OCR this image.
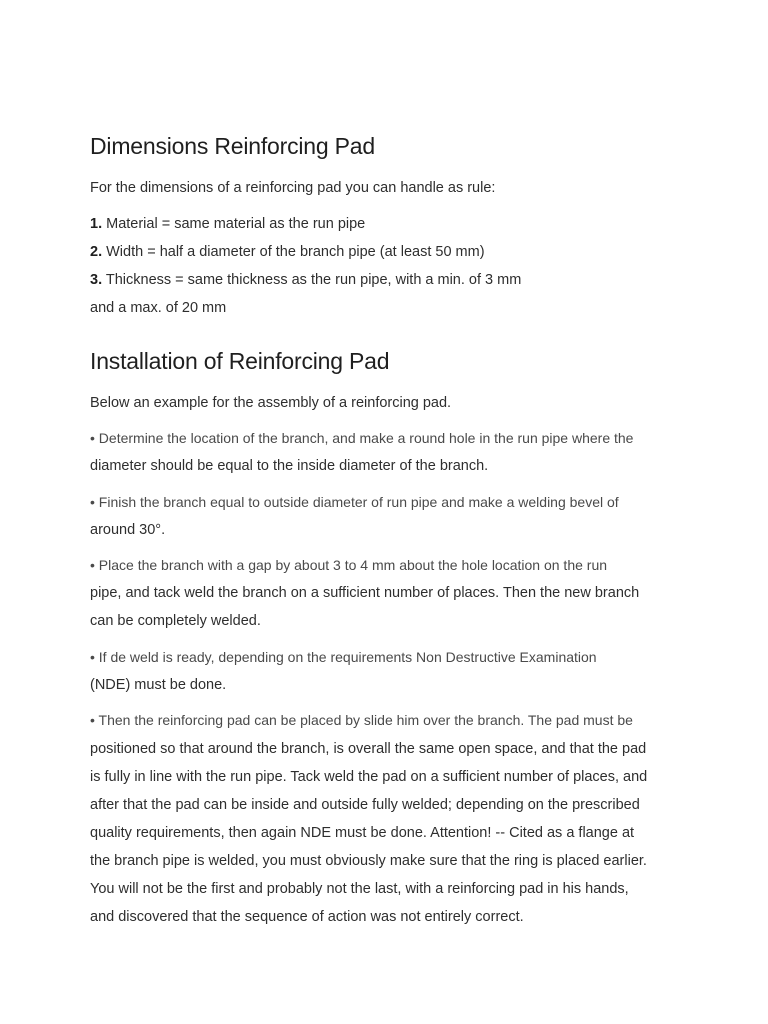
Dimensions Reinforcing Pad

For the dimensions of a reinforcing pad you can handle as rule:

1. Material = same material as the run pipe

2. Width = half a diameter of the branch pipe (at least 50 mm)

3. Thickness = same thickness as the run pipe, with a min. of 3 mm

and a max. of 20 mm

Installation of Reinforcing Pad

Below an example for the assembly of a reinforcing pad.

• Determine the location of the branch, and make a round hole in the run pipe where the

diameter should be equal to the inside diameter of the branch.

• Finish the branch equal to outside diameter of run pipe and make a welding bevel of

around 30°.

• Place the branch with a gap by about 3 to 4 mm about the hole location on the run

pipe, and tack weld the branch on a sufficient number of places. Then the new branch

can be completely welded.

• If de weld is ready, depending on the requirements Non Destructive Examination

(NDE) must be done.

• Then the reinforcing pad can be placed by slide him over the branch. The pad must be

positioned so that around the branch, is overall the same open space, and that the pad

is fully in line with the run pipe. Tack weld the pad on a sufficient number of places, and

after that the pad can be inside and outside fully welded; depending on the prescribed

quality requirements, then again NDE must be done. Attention! -- Cited as a flange at

the branch pipe is welded, you must obviously make sure that the ring is placed earlier.

You will not be the first and probably not the last, with a reinforcing pad in his hands,

and discovered that the sequence of action was not entirely correct.
